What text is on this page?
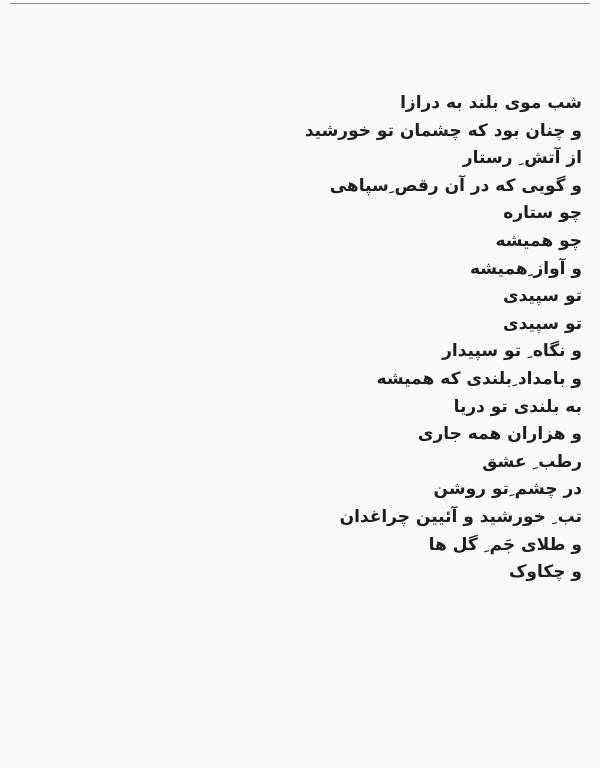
شب موی بلند به درازا
و چنان بود که چشمان تو خورشید
از آتش ِ رستار
و گویی که در آن رقص ِسپاهی
چو ستاره
چو همیشه
و آواز ِهمیشه
تو سپیدی
تو سپیدی
و نگاه ِ تو سپیدار
و بامداد ِبلندی که همیشه
به بلندی تو دریا
و هزاران همه جاری
رطب ِ عشق
در چشم ِتو روشن
تب ِ خورشید و آئیین چراغدان
و طلای جَم ِ گل ها
و چکاوک
